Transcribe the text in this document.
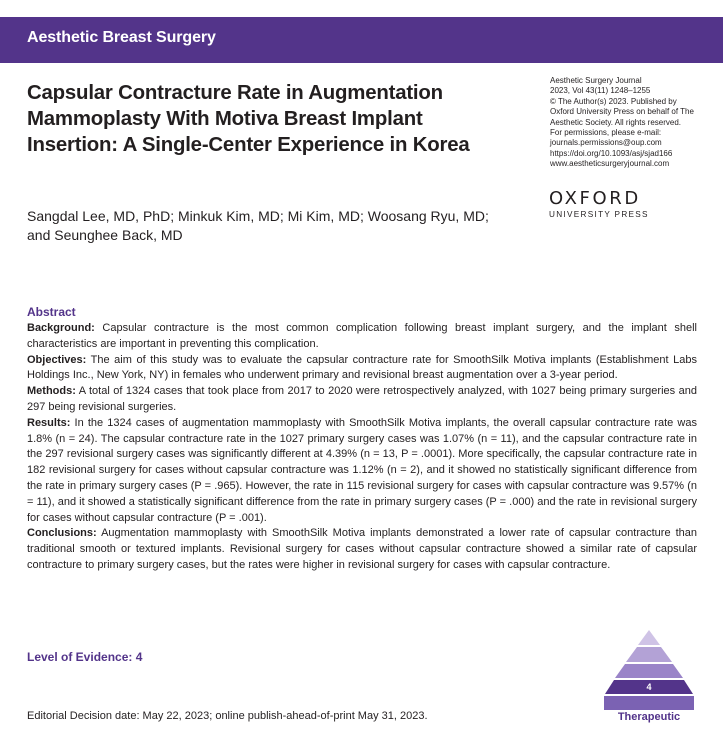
Aesthetic Breast Surgery
Capsular Contracture Rate in Augmentation
Mammoplasty With Motiva Breast Implant
Insertion: A Single-Center Experience in Korea
Sangdal Lee, MD, PhD; Minkuk Kim, MD; Mi Kim, MD; Woosang Ryu, MD;
and Seunghee Back, MD
Aesthetic Surgery Journal
2023, Vol 43(11) 1248–1255
© The Author(s) 2023. Published by
Oxford University Press on behalf of The
Aesthetic Society. All rights reserved.
For permissions, please e-mail:
journals.permissions@oup.com
https://doi.org/10.1093/asj/sjad166
www.aestheticsurgeryjournal.com
OXFORD
UNIVERSITY PRESS
Abstract

Background: Capsular contracture is the most common complication following breast implant surgery, and the implant shell characteristics are important in preventing this complication.

Objectives: The aim of this study was to evaluate the capsular contracture rate for SmoothSilk Motiva implants (Establishment Labs Holdings Inc., New York, NY) in females who underwent primary and revisional breast augmentation over a 3-year period.

Methods: A total of 1324 cases that took place from 2017 to 2020 were retrospectively analyzed, with 1027 being primary surgeries and 297 being revisional surgeries.

Results: In the 1324 cases of augmentation mammoplasty with SmoothSilk Motiva implants, the overall capsular contracture rate was 1.8% (n = 24). The capsular contracture rate in the 1027 primary surgery cases was 1.07% (n = 11), and the capsular contracture rate in the 297 revisional surgery cases was significantly different at 4.39% (n = 13, P = .0001). More specifically, the capsular contracture rate in 182 revisional surgery for cases without capsular contracture was 1.12% (n = 2), and it showed no statistically significant difference from the rate in primary surgery cases (P = .965). However, the rate in 115 revisional surgery for cases with capsular contracture was 9.57% (n = 11), and it showed a statistically significant difference from the rate in primary surgery cases (P = .000) and the rate in revisional surgery for cases without capsular contracture (P = .001).

Conclusions: Augmentation mammoplasty with SmoothSilk Motiva implants demonstrated a lower rate of capsular contracture than traditional smooth or textured implants. Revisional surgery for cases without capsular contracture showed a similar rate of capsular contracture to primary surgery cases, but the rates were higher in revisional surgery for cases with capsular contracture.

Level of Evidence: 4
4
Therapeutic
Editorial Decision date: May 22, 2023; online publish-ahead-of-print May 31, 2023.
